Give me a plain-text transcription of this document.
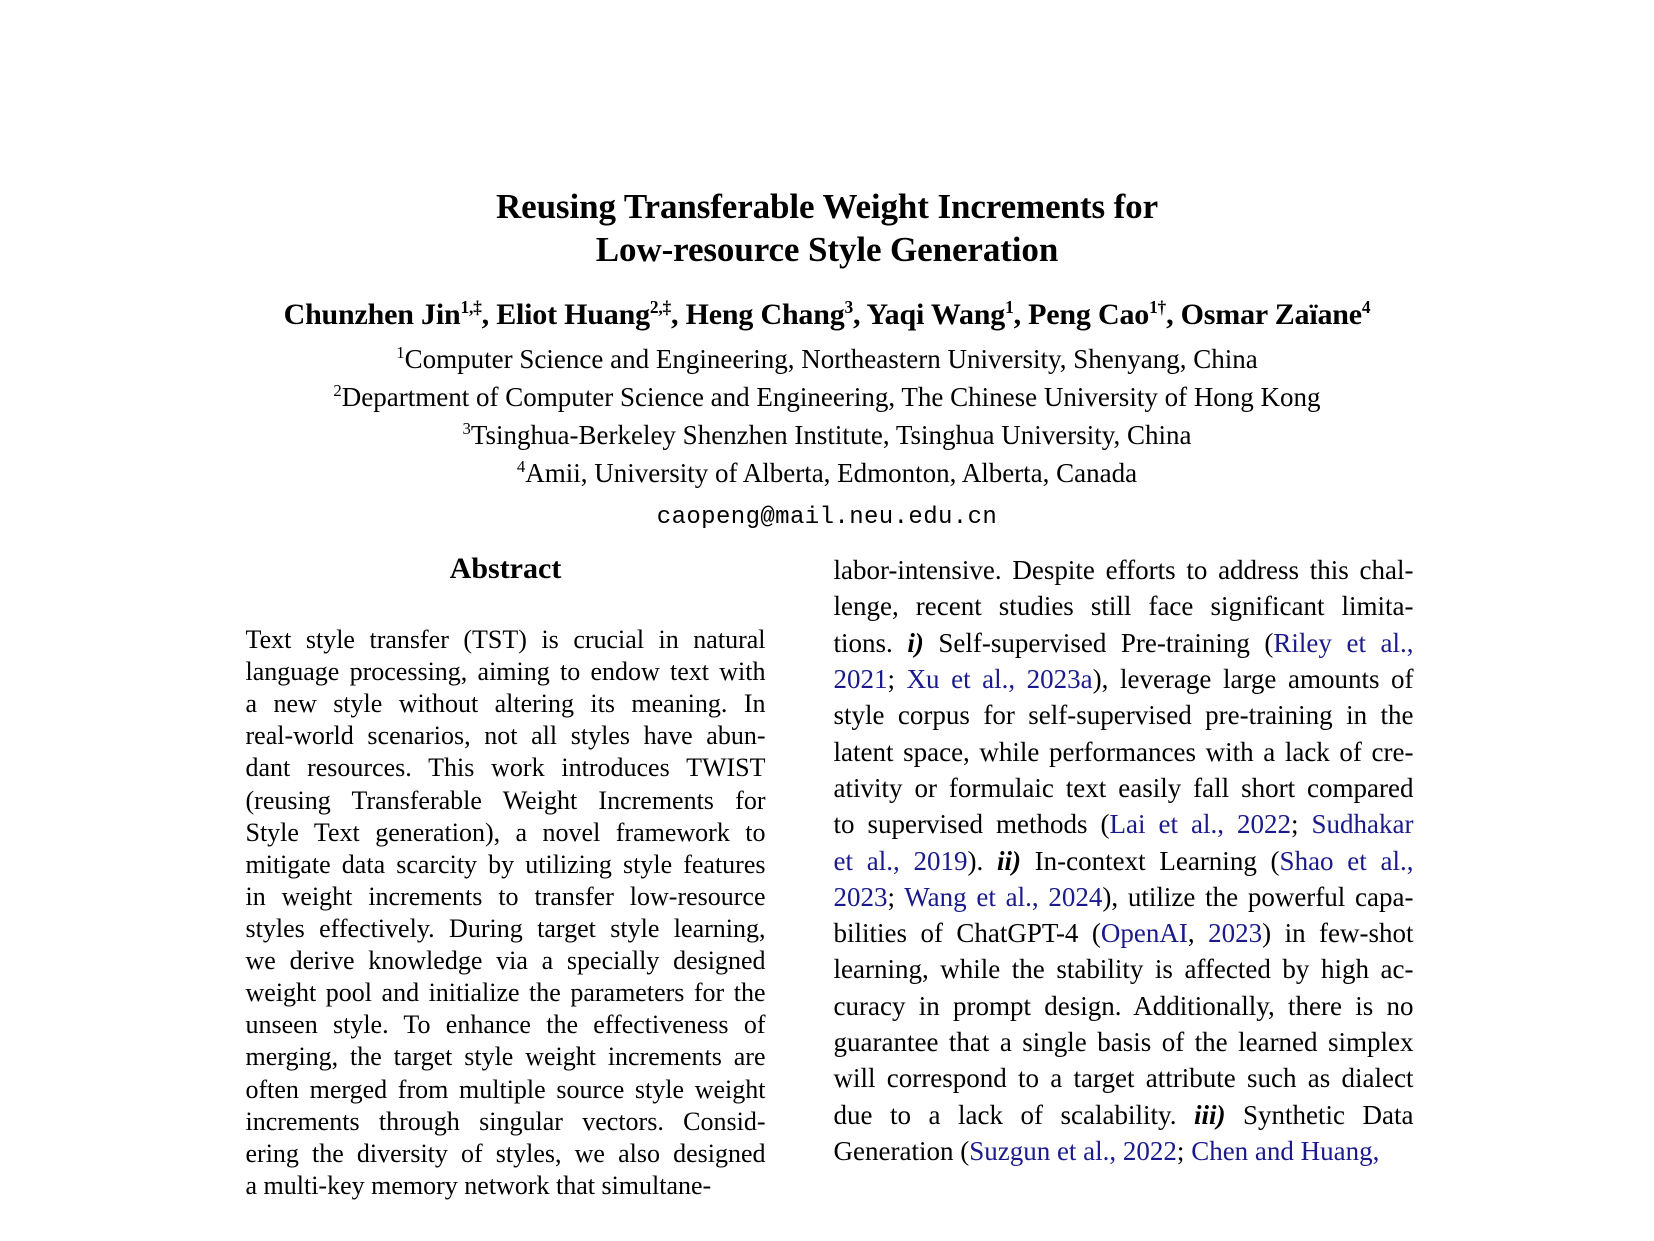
Reusing Transferable Weight Increments for
Low-resource Style Generation
Chunzhen Jin$^{1,\ddagger}$, Eliot Huang$^{2,\ddagger}$, Heng Chang$^3$, Yaqi Wang$^1$, Peng Cao$^{1\dagger}$, Osmar Zaïane$^4$
$^1$Computer Science and Engineering, Northeastern University, Shenyang, China
$^2$Department of Computer Science and Engineering, The Chinese University of Hong Kong
$^3$Tsinghua-Berkeley Shenzhen Institute, Tsinghua University, China
$^4$Amii, University of Alberta, Edmonton, Alberta, Canada
caopeng@mail.neu.edu.cn
Abstract
Text style transfer (TST) is crucial in natural
language processing, aiming to endow text with
a new style without altering its meaning. In
real-world scenarios, not all styles have abun-
dant resources. This work introduces TWIST
(reusing Transferable Weight Increments for
Style Text generation), a novel framework to
mitigate data scarcity by utilizing style features
in weight increments to transfer low-resource
styles effectively. During target style learning,
we derive knowledge via a specially designed
weight pool and initialize the parameters for the
unseen style. To enhance the effectiveness of
merging, the target style weight increments are
often merged from multiple source style weight
increments through singular vectors. Consid-
ering the diversity of styles, we also designed
a multi-key memory network that simultane-
labor-intensive. Despite efforts to address this chal-
lenge, recent studies still face significant limita-
tions. i) Self-supervised Pre-training (Riley et al.,
2021; Xu et al., 2023a), leverage large amounts of
style corpus for self-supervised pre-training in the
latent space, while performances with a lack of cre-
ativity or formulaic text easily fall short compared
to supervised methods (Lai et al., 2022; Sudhakar
et al., 2019). ii) In-context Learning (Shao et al.,
2023; Wang et al., 2024), utilize the powerful capa-
bilities of ChatGPT-4 (OpenAI, 2023) in few-shot
learning, while the stability is affected by high ac-
curacy in prompt design. Additionally, there is no
guarantee that a single basis of the learned simplex
will correspond to a target attribute such as dialect
due to a lack of scalability. iii) Synthetic Data
Generation (Suzgun et al., 2022; Chen and Huang,
